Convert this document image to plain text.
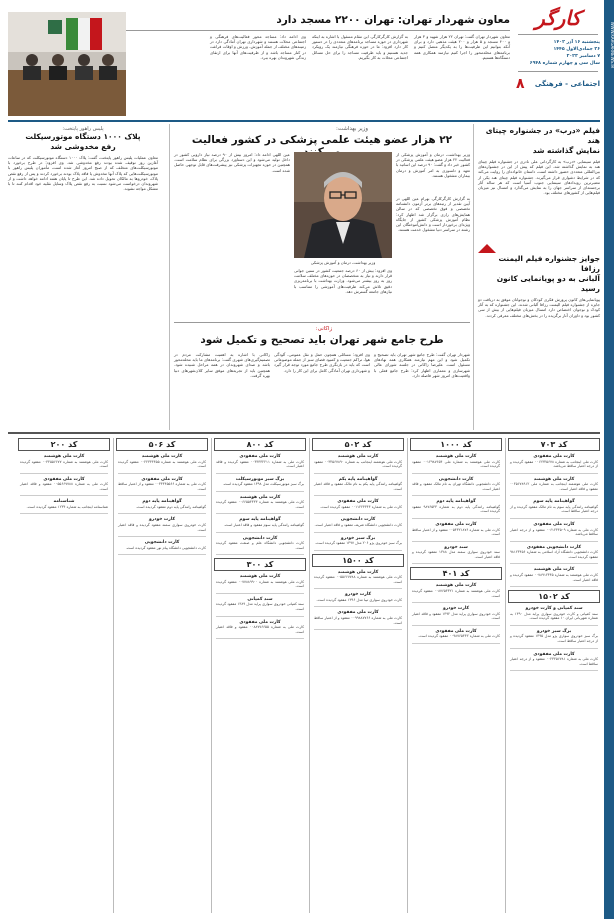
WWW.KARGARNEWS.IR
کارگر
پنجشنبه ۱۶ آذر ۱۴۰۲
۲۶ جمادی‌الاول ۱۴۴۵
۷ دسامبر ۲۰۲۳
سال سی و چهارم شماره ۶۹۴۸
اجتماعی - فرهنگی
۸
معاون شهردار تهران: تهران ۲۲۰۰ مسجد دارد
معاون شهردار تهران گفت: تهران ۲۲ هزار شهید و ۳ هزار و ۴۰۰ مسجد و ۵ هزار و ۲۰۰ هیئت مذهبی دارد و برای آنکه بتوانیم این ظرفیت‌ها را به یکدیگر متصل کنیم و برنامه‌های محله‌محور را اجرا کنیم نیازمند همکاری همه دستگاه‌ها هستیم.
به گزارش کارگرکارگر، این مقام مسئول با اشاره به اینکه شهرداری در حوزه مساجد برنامه‌های متعددی را در دستور کار دارد افزود: ما در حوزه فرهنگی نیازمند یک رویکرد جدید هستیم و باید ظرفیت مساجد را برای حل مسائل اجتماعی محلات به کار بگیریم.
وی ادامه داد: مساجد محور فعالیت‌های فرهنگی و اجتماعی محلات هستند و شهرداری تهران آمادگی دارد در زمینه‌های مختلف از جمله آموزش، ورزش و اوقات فراغت در کنار مساجد باشد و از ظرفیت‌های آنها برای ارتقای زندگی شهروندان بهره ببرد.
فیلم «درب» در جشنواره چیتای هند
نمایش گذاشته شد
فیلم سینمایی «درب» به کارگردانی علی نادری در جشنواره فیلم چیتای هند به نمایش گذاشته شد. این فیلم که پیش از این در جشنواره‌های بین‌المللی متعددی حضور داشته است، داستان خانواده‌ای را روایت می‌کند که در شرایط دشواری قرار می‌گیرند. جشنواره فیلم چیتای هند یکی از معتبرترین رویدادهای سینمایی جنوب آسیا است که هر ساله آثار برجسته‌ای از سراسر جهان را به نمایش می‌گذارد و امسال نیز میزبان فیلم‌هایی از کشورهای مختلف بود.
جوایز جشنواره فیلم الیمنت رزافا
آلبانی به دو پویانمایی کانون رسید
پویانمایی‌های کانون پرورش فکری کودکان و نوجوانان موفق به دریافت دو جایزه از جشنواره فیلم الیمنت رزافا آلبانی شدند. این جشنواره که به آثار کودک و نوجوان اختصاص دارد امسال میزبان فیلم‌هایی از بیش از سی کشور بود و داوران آثار برگزیده را در بخش‌های مختلف معرفی کردند.
وزیر بهداشت:
۲۲ هزار عضو هیئت علمی پزشکی در کشور فعالیت
وزیر بهداشت، درمان و آموزش پزشکی از فعالیت ۲۲ هزار عضو هیئت علمی پزشکی در کشور خبر داد و گفت: ۹۰ درصد این اساتید با تعهد و دلسوزی به امر آموزش و درمان بیماران مشغول هستند.
به گزارش کارگرکارگر، بهرام عین اللهی در آیین تقدیر از رتبه‌های برتر آزمون دانشنامه تخصصی و فوق تخصصی که در سالن همایش‌های رازی برگزار شد اظهار کرد: نظام آموزش پزشکی کشور از جایگاه ویژه‌ای برخوردار است و دانش‌آموختگان این رشته در سراسر دنیا مشغول خدمت هستند.
وزیر بهداشت، درمان و آموزش پزشکی
وی افزود: بیش از ۶۰ درصد جمعیت کشور در سنین جوانی قرار دارند و نیاز به متخصصان در حوزه‌های مختلف سلامت روز به روز بیشتر می‌شود. وزارت بهداشت با برنامه‌ریزی دقیق تلاش می‌کند ظرفیت‌های آموزشی را متناسب با نیازهای جامعه گسترش دهد.
عین اللهی ادامه داد: امروز بیش از ۹۰ درصد نیاز دارویی کشور در داخل تولید می‌شود و این دستاورد بزرگی برای نظام سلامت است. همچنین در حوزه تجهیزات پزشکی نیز پیشرفت‌های قابل توجهی حاصل شده است.
پلیس راهور پایتخت:
پلاک ۱۰۰۰ دستگاه موتورسیکلت
رفع مخدوشی شد
معاون عملیات پلیس راهور پایتخت، گفت: پلاک ۱۰۰۰ دستگاه موتورسیکلت که در ساعات آغازین روز توقیف شده بودند رفع مخدوشی شد. وی افزود: در طرح برخورد با موتورسیکلت‌های متخلف که از صبح امروز آغاز شده است، مأموران پلیس راهور با موتورسیکلت‌هایی که پلاک آنها مخدوش یا فاقد پلاک بودند برخورد کردند و پس از رفع نقص پلاک، خودروها به مالکان تحویل داده شد. این طرح تا پایان هفته ادامه خواهد داشت و از شهروندان درخواست می‌شود نسبت به رفع نقص پلاک وسایل نقلیه خود اقدام کنند تا با مشکل مواجه نشوند.
زاکانی:
طرح جامع شهر تهران باید تصحیح و تکمیل شود
شهردار تهران گفت: طرح جامع شهر تهران باید تصحیح و تکمیل شود و این مهم نیازمند همکاری همه نهادهای مسئول است. علیرضا زاکانی در جلسه شورای عالی شهرسازی و معماری اظهار کرد: طرح جامع فعلی با واقعیت‌های امروز شهر فاصله دارد.
وی افزود: مسائلی همچون حمل و نقل عمومی، آلودگی هوا، تراکم جمعیت و کمبود فضای سبز از جمله موضوعاتی است که باید در بازنگری طرح جامع مورد توجه قرار گیرد و شهرداری تهران آمادگی کامل برای این کار را دارد.
زاکانی با اشاره به اهمیت مشارکت مردم در تصمیم‌گیری‌های شهری گفت: برنامه‌های ما باید محله‌محور باشد و صدای شهروندان در همه مراحل شنیده شود. همچنین باید از تجربه‌های موفق سایر کلان‌شهرهای دنیا بهره گرفت.
کد ۷۰۳
کارت ملی مفقودی
کارت ملی اینجانب به شماره ۰۰۱۲۳۴۵۶۷۸ مفقود گردیده و از درجه اعتبار ساقط می‌باشد.
کارت ملی هوشمند
کارت ملی هوشمند اینجانب به شماره ملی ۰۰۴۵۶۷۸۹۱۲ مفقود و فاقد اعتبار است.
گواهینامه پایه سوم
گواهینامه رانندگی پایه سوم به نام مالک مفقود گردیده و از درجه اعتبار ساقط است.
کارت ملی مفقودی
کارت ملی به شماره ۰۰۶۱۲۳۴۵۰۹ مفقود و از درجه اعتبار ساقط می‌باشد.
کارت دانشجویی مفقودی
کارت دانشجویی دانشگاه آزاد اسلامی به شماره ۹۸۱۲۳۴۵۶ مفقود گردیده است.
کارت ملی هوشمند
کارت ملی هوشمند به شماره ۰۰۷۸۹۱۲۳۴۵ مفقود گردیده و فاقد اعتبار است.
کد ۱۵۰۲
سند کمپانی و کارت خودرو
سند کمپانی و کارت خودروی سواری پراید مدل ۱۳۹۰ به شماره شهربانی ایران ۱۰ مفقود گردیده است.
برگ سبز خودرو
برگ سبز خودروی سواری پژو مدل ۱۳۹۵ مفقود گردیده و از درجه اعتبار ساقط است.
کارت ملی مفقودی
کارت ملی به شماره ۰۰۲۳۴۵۶۷۸۱ مفقود و از درجه اعتبار ساقط است.
کد ۱۰۰۰
کارت ملی هوشمند
کارت ملی هوشمند به شماره ملی ۰۰۱۲۹۸۷۶۵۴ مفقود گردیده است.
کارت دانشجویی
کارت دانشجویی دانشگاه تهران به نام مالک مفقود و فاقد اعتبار است.
گواهینامه پایه دوم
گواهینامه رانندگی پایه دوم به شماره ۹۸۷۶۵۴۳ مفقود گردیده است.
کارت ملی مفقودی
کارت ملی به شماره ۰۰۵۴۳۲۱۸۷۶ مفقود و از اعتبار ساقط است.
سند خودرو
سند خودروی سواری سمند مدل ۱۳۸۸ مفقود گردیده و فاقد اعتبار است.
کد ۴۰۱
کارت ملی هوشمند
کارت ملی هوشمند به شماره ۰۰۸۷۶۵۴۳۲۱ مفقود گردیده است.
کارت خودرو
کارت خودروی سواری پراید مدل ۱۳۹۲ مفقود و فاقد اعتبار است.
کارت ملی مفقودی
کارت ملی به شماره ۰۰۹۸۷۶۵۴۳۲ مفقود گردیده است.
کد ۵۰۲
کارت ملی هوشمند
کارت ملی هوشمند اینجانب به شماره ۰۰۳۴۵۶۷۸۹۰ مفقود گردیده است.
گواهینامه پایه یکم
گواهینامه رانندگی پایه یکم به نام مالک مفقود و فاقد اعتبار است.
کارت ملی مفقودی
کارت ملی به شماره ۰۰۱۱۲۲۳۳۴۴ مفقود گردیده است.
کارت دانشجویی
کارت دانشجویی دانشگاه شریف مفقود و فاقد اعتبار است.
برگ سبز خودرو
برگ سبز خودروی پژو ۲۰۶ مدل ۱۳۹۷ مفقود گردیده است.
کد ۱۵۰۰
کارت ملی هوشمند
کارت ملی هوشمند به شماره ۰۰۵۵۶۶۷۷۸۸ مفقود گردیده است.
کارت خودرو
کارت خودروی سواری تیبا مدل ۱۳۹۶ مفقود گردیده است.
کارت ملی مفقودی
کارت ملی به شماره ۰۰۹۹۸۸۷۷۶۶ مفقود و از اعتبار ساقط است.
کد ۸۰۰
کارت ملی مفقودی
کارت ملی به شماره ۰۰۴۴۳۳۲۲۱۱ مفقود گردیده و فاقد اعتبار است.
برگ سبز موتورسیکلت
برگ سبز موتورسیکلت مدل ۱۳۹۸ مفقود گردیده است.
کارت ملی هوشمند
کارت ملی هوشمند به شماره ۰۰۶۶۵۵۴۴۳۳ مفقود گردیده است.
گواهینامه پایه سوم
گواهینامه رانندگی پایه سوم مفقود و فاقد اعتبار است.
کارت دانشجویی
کارت دانشجویی دانشگاه علم و صنعت مفقود گردیده است.
کد ۳۰۰
کارت ملی هوشمند
کارت ملی هوشمند به شماره ۰۰۷۷۸۸۹۹۰۰ مفقود گردیده است.
سند کمپانی
سند کمپانی خودروی سواری پراید مدل ۱۳۸۹ مفقود گردیده است.
کارت ملی مفقودی
کارت ملی به شماره ۰۰۸۸۷۷۶۶۵۵ مفقود و فاقد اعتبار است.
کد ۵۰۶
کارت ملی هوشمند
کارت ملی هوشمند به شماره ۰۰۲۲۳۳۴۴۵۵ مفقود گردیده است.
کارت ملی مفقودی
کارت ملی به شماره ۰۰۳۳۴۴۵۵۶۶ مفقود و از اعتبار ساقط است.
گواهینامه پایه دوم
گواهینامه رانندگی پایه دوم مفقود گردیده است.
کارت خودرو
کارت خودروی سواری سمند مفقود گردیده و فاقد اعتبار است.
کارت دانشجویی
کارت دانشجویی دانشگاه پیام نور مفقود گردیده است.
کد ۲۰۰
کارت ملی هوشمند
کارت ملی هوشمند به شماره ۰۰۴۴۵۵۶۶۷۷ مفقود گردیده است.
کارت ملی مفقودی
کارت ملی به شماره ۰۰۵۵۶۶۷۷۸۸ مفقود و فاقد اعتبار است.
شناسنامه
شناسنامه اینجانب به شماره ۱۲۳۴ مفقود گردیده است.
